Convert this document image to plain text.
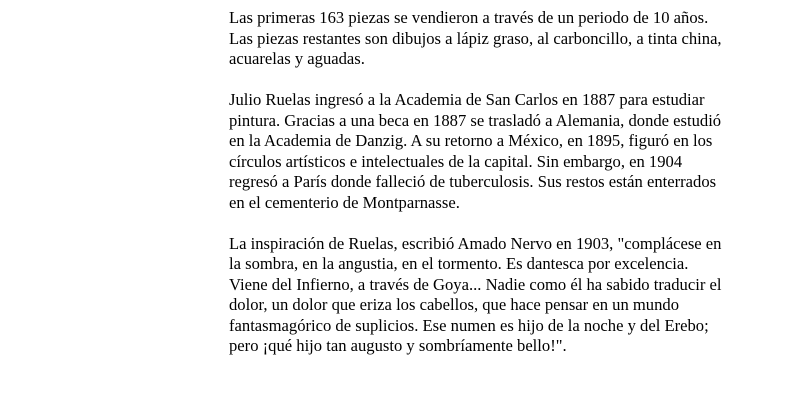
Las primeras 163 piezas se vendieron a través de un periodo de 10 años.
Las piezas restantes son dibujos a lápiz graso, al carboncillo, a tinta china,
acuarelas y aguadas.

Julio Ruelas ingresó a la Academia de San Carlos en 1887 para estudiar
pintura. Gracias a una beca en 1887 se trasladó a Alemania, donde estudió
en la Academia de Danzig. A su retorno a México, en 1895, figuró en los
círculos artísticos e intelectuales de la capital. Sin embargo, en 1904
regresó a París donde falleció de tuberculosis. Sus restos están enterrados
en el cementerio de Montparnasse.

La inspiración de Ruelas, escribió Amado Nervo en 1903, "complácese en
la sombra, en la angustia, en el tormento. Es dantesca por excelencia.
Viene del Infierno, a través de Goya... Nadie como él ha sabido traducir el
dolor, un dolor que eriza los cabellos, que hace pensar en un mundo
fantasmagórico de suplicios. Ese numen es hijo de la noche y del Erebo;
pero ¡qué hijo tan augusto y sombríamente bello!".
